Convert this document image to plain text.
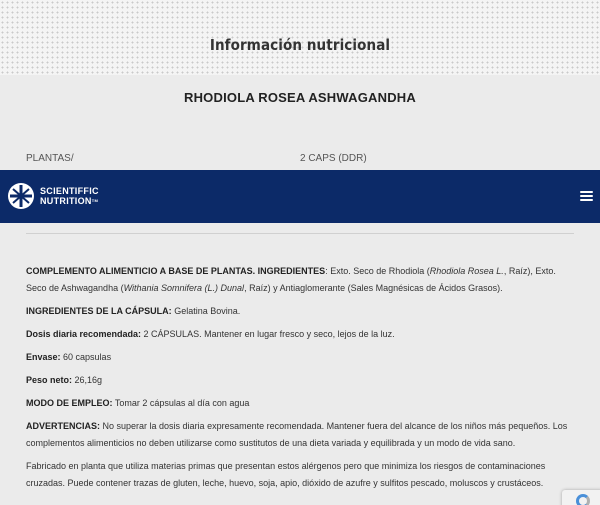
Información nutricional
RHODIOLA ROSEA ASHWAGANDHA
PLANTAS/	2 CAPS (DDR)
SCIENTIFFIC
NUTRITION™

COMPLEMENTO ALIMENTICIO A BASE DE PLANTAS. INGREDIENTES: Exto. Seco de Rhodiola (Rhodiola Rosea L., Raíz), Exto. Seco de Ashwagandha (Withania Somnifera (L.) Dunal, Raíz) y Antiaglomerante (Sales Magnésicas de Ácidos Grasos).

INGREDIENTES DE LA CÁPSULA: Gelatina Bovina.

Dosis diaria recomendada: 2 CÁPSULAS. Mantener en lugar fresco y seco, lejos de la luz.

Envase: 60 capsulas

Peso neto: 26,16g

MODO DE EMPLEO: Tomar 2 cápsulas al día con agua

ADVERTENCIAS: No superar la dosis diaria expresamente recomendada. Mantener fuera del alcance de los niños más pequeños. Los complementos alimenticios no deben utilizarse como sustitutos de una dieta variada y equilibrada y un modo de vida sano.

Fabricado en planta que utiliza materias primas que presentan estos alérgenos pero que minimiza los riesgos de contaminaciones cruzadas. Puede contener trazas de gluten, leche, huevo, soja, apio, dióxido de azufre y sulfitos pescado, moluscos y crustáceos.
